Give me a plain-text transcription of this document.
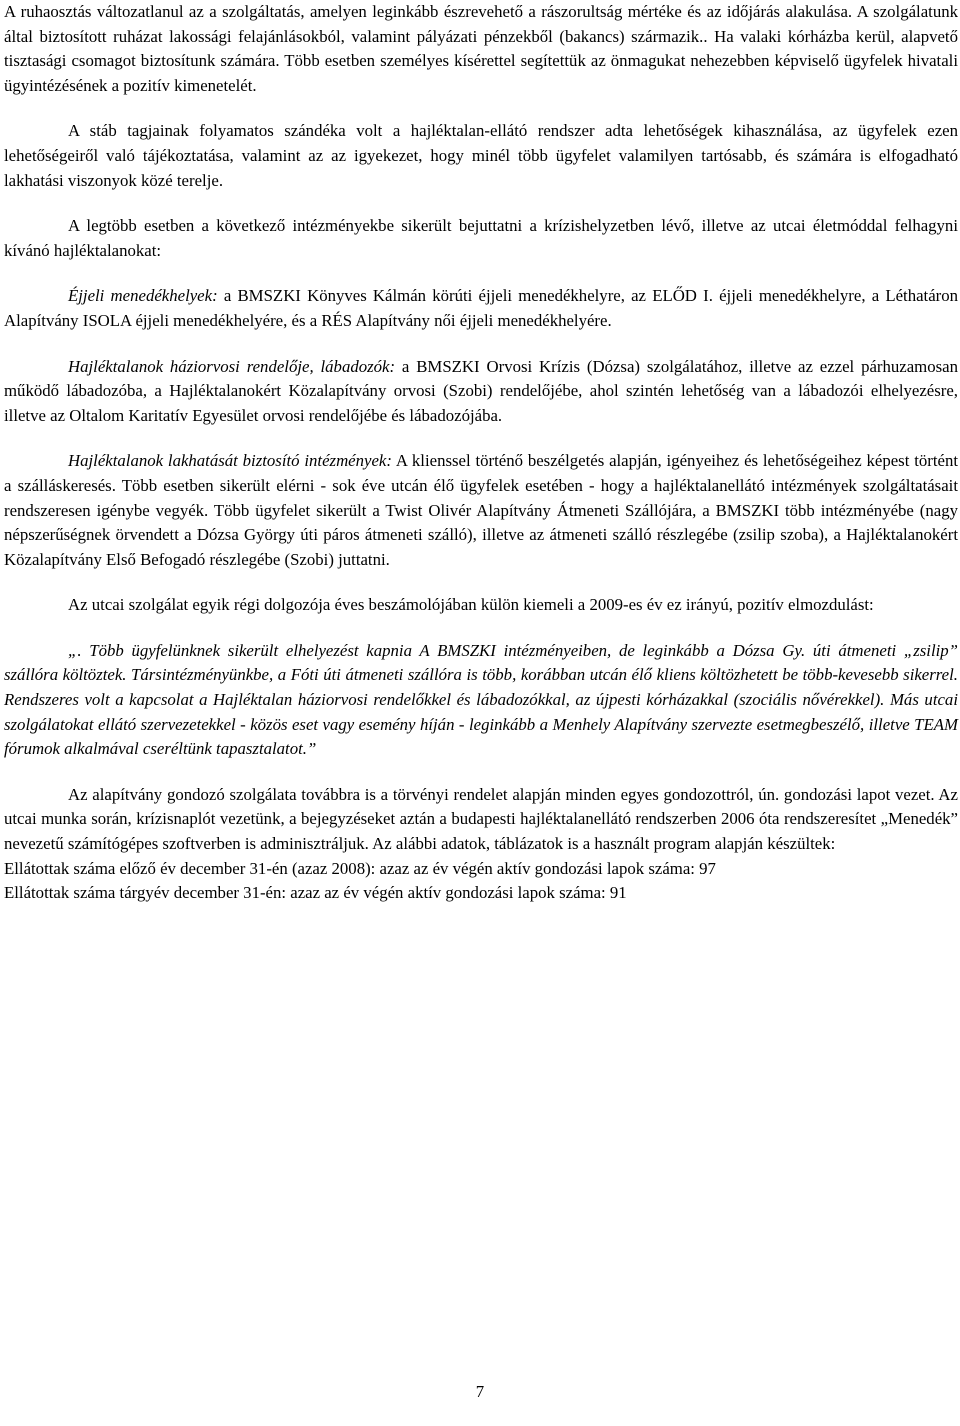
A ruhaosztás változatlanul az a szolgáltatás, amelyen leginkább észrevehető a rászorultság mértéke és az időjárás alakulása. A szolgálatunk által biztosított ruházat lakossági felajánlásokból, valamint pályázati pénzekből (bakancs) származik.. Ha valaki kórházba kerül, alapvető tisztasági csomagot biztosítunk számára. Több esetben személyes kísérettel segítettük az önmagukat nehezebben képviselő ügyfelek hivatali ügyintézésének a pozitív kimenetelét.

A stáb tagjainak folyamatos szándéka volt a hajléktalan-ellátó rendszer adta lehetőségek kihasználása, az ügyfelek ezen lehetőségeiről való tájékoztatása, valamint az az igyekezet, hogy minél több ügyfelet valamilyen tartósabb, és számára is elfogadható lakhatási viszonyok közé terelje.

A legtöbb esetben a következő intézményekbe sikerült bejuttatni a krízishelyzetben lévő, illetve az utcai életmóddal felhagyni kívánó hajléktalanokat:

Éjjeli menedékhelyek: a BMSZKI Könyves Kálmán körúti éjjeli menedékhelyre, az ELŐD I. éjjeli menedékhelyre, a Léthatáron Alapítvány ISOLA éjjeli menedékhelyére, és a RÉS Alapítvány női éjjeli menedékhelyére.

Hajléktalanok háziorvosi rendelője, lábadozók: a BMSZKI Orvosi Krízis (Dózsa) szolgálatához, illetve az ezzel párhuzamosan működő lábadozóba, a Hajléktalanokért Közalapítvány orvosi (Szobi) rendelőjébe, ahol szintén lehetőség van a lábadozói elhelyezésre, illetve az Oltalom Karitatív Egyesület orvosi rendelőjébe és lábadozójába.

Hajléktalanok lakhatását biztosító intézmények: A klienssel történő beszélgetés alapján, igényeihez és lehetőségeihez képest történt a szálláskeresés. Több esetben sikerült elérni - sok éve utcán élő ügyfelek esetében - hogy a hajléktalanellátó intézmények szolgáltatásait rendszeresen igénybe vegyék. Több ügyfelet sikerült a Twist Olivér Alapítvány Átmeneti Szállójára, a BMSZKI több intézményébe (nagy népszerűségnek örvendett a Dózsa György úti páros átmeneti szálló), illetve az átmeneti szálló részlegébe (zsilip szoba), a Hajléktalanokért Közalapítvány Első Befogadó részlegébe (Szobi) juttatni.

Az utcai szolgálat egyik régi dolgozója éves beszámolójában külön kiemeli a 2009-es év ez irányú, pozitív elmozdulást:

„. Több ügyfelünknek sikerült elhelyezést kapnia A BMSZKI intézményeiben, de leginkább a Dózsa Gy. úti átmeneti „zsilip” szállóra költöztek. Társintézményünkbe, a Fóti úti átmeneti szállóra is több, korábban utcán élő kliens költözhetett be több-kevesebb sikerrel. Rendszeres volt a kapcsolat a Hajléktalan háziorvosi rendelőkkel és lábadozókkal, az újpesti kórházakkal (szociális nővérekkel). Más utcai szolgálatokat ellátó szervezetekkel - közös eset vagy esemény híján - leginkább a Menhely Alapítvány szervezte esetmegbeszélő, illetve TEAM fórumok alkalmával cseréltünk tapasztalatot.”

Az alapítvány gondozó szolgálata továbbra is a törvényi rendelet alapján minden egyes gondozottról, ún. gondozási lapot vezet. Az utcai munka során, krízisnaplót vezetünk, a bejegyzéseket aztán a budapesti hajléktalanellátó rendszerben 2006 óta rendszeresítet „Menedék” nevezetű számítógépes szoftverben is adminisztráljuk. Az alábbi adatok, táblázatok is a használt program alapján készültek:

Ellátottak száma előző év december 31-én (azaz 2008): azaz az év végén aktív gondozási lapok száma: 97

Ellátottak száma tárgyév december 31-én: azaz az év végén aktív gondozási lapok száma: 91

7
